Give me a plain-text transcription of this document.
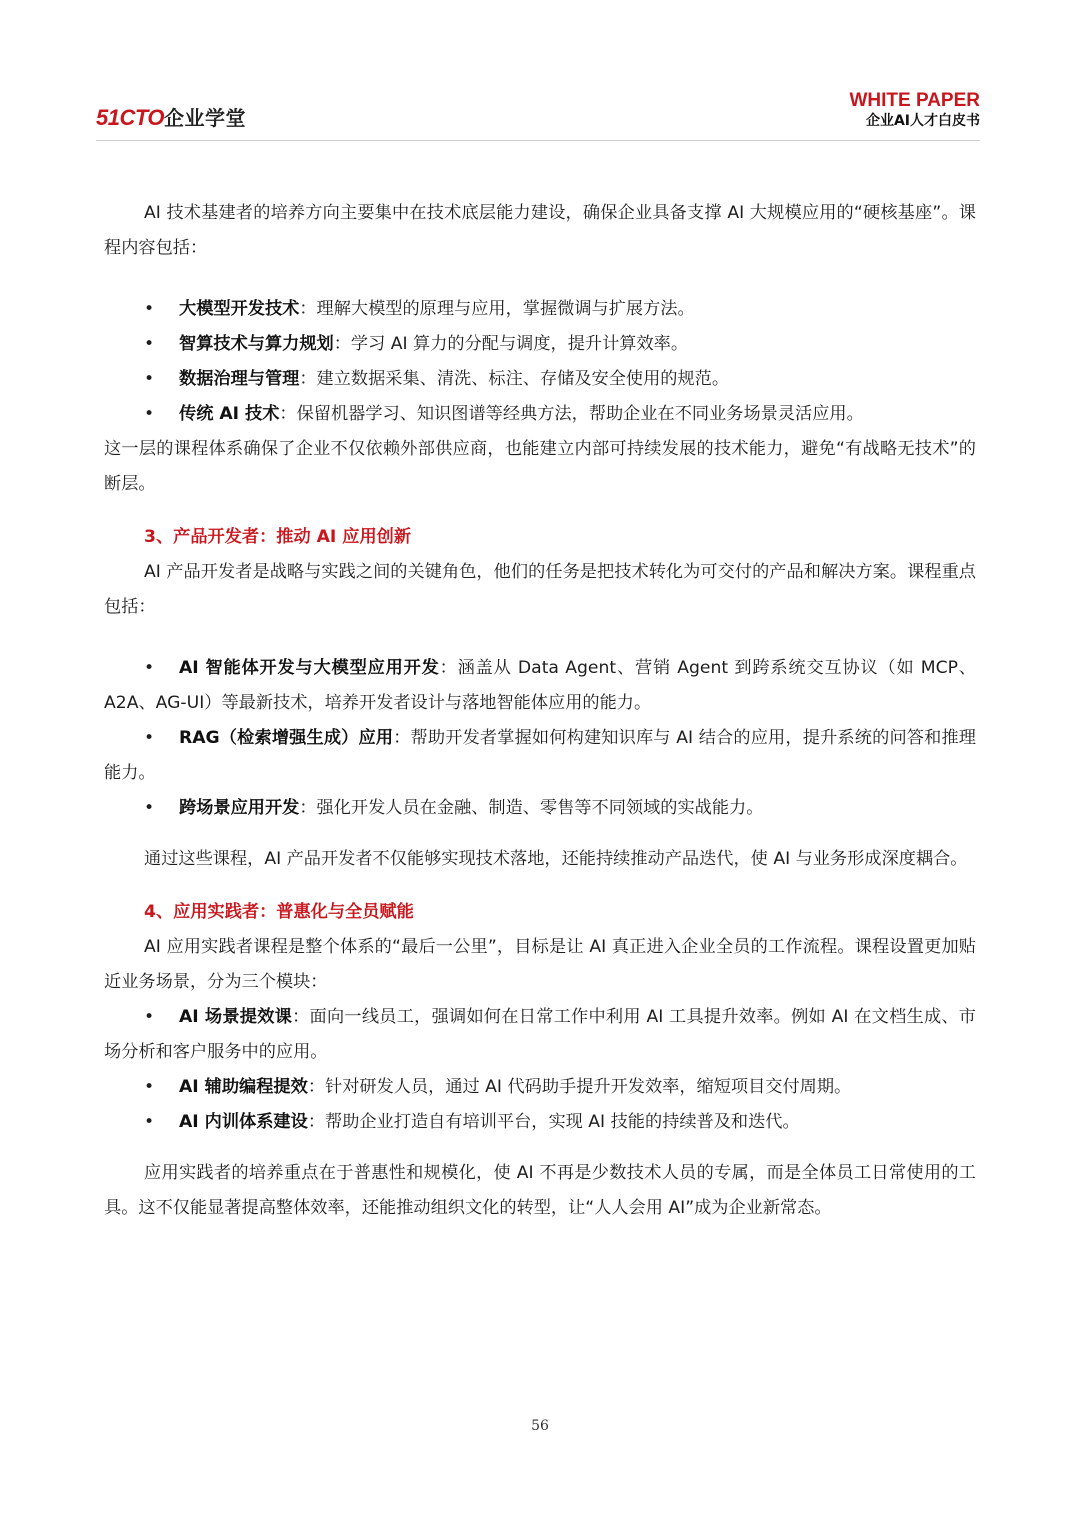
51CTO企业学堂
WHITE PAPER
企业AI人才白皮书

AI 技术基建者的培养方向主要集中在技术底层能力建设，确保企业具备支撑 AI 大规模应用的“硬核基座”。课程内容包括：

• 大模型开发技术：理解大模型的原理与应用，掌握微调与扩展方法。

• 智算技术与算力规划：学习 AI 算力的分配与调度，提升计算效率。

• 数据治理与管理：建立数据采集、清洗、标注、存储及安全使用的规范。

• 传统 AI 技术：保留机器学习、知识图谱等经典方法，帮助企业在不同业务场景灵活应用。

这一层的课程体系确保了企业不仅依赖外部供应商，也能建立内部可持续发展的技术能力，避免“有战略无技术”的断层。

3、产品开发者：推动 AI 应用创新

AI 产品开发者是战略与实践之间的关键角色，他们的任务是把技术转化为可交付的产品和解决方案。课程重点包括：

• AI 智能体开发与大模型应用开发：涵盖从 Data Agent、营销 Agent 到跨系统交互协议（如 MCP、A2A、AG-UI）等最新技术，培养开发者设计与落地智能体应用的能力。

• RAG（检索增强生成）应用：帮助开发者掌握如何构建知识库与 AI 结合的应用，提升系统的问答和推理能力。

• 跨场景应用开发：强化开发人员在金融、制造、零售等不同领域的实战能力。

通过这些课程，AI 产品开发者不仅能够实现技术落地，还能持续推动产品迭代，使 AI 与业务形成深度耦合。

4、应用实践者：普惠化与全员赋能

AI 应用实践者课程是整个体系的“最后一公里”，目标是让 AI 真正进入企业全员的工作流程。课程设置更加贴近业务场景，分为三个模块：

• AI 场景提效课：面向一线员工，强调如何在日常工作中利用 AI 工具提升效率。例如 AI 在文档生成、市场分析和客户服务中的应用。

• AI 辅助编程提效：针对研发人员，通过 AI 代码助手提升开发效率，缩短项目交付周期。

• AI 内训体系建设：帮助企业打造自有培训平台，实现 AI 技能的持续普及和迭代。

应用实践者的培养重点在于普惠性和规模化，使 AI 不再是少数技术人员的专属，而是全体员工日常使用的工具。这不仅能显著提高整体效率，还能推动组织文化的转型，让“人人会用 AI”成为企业新常态。

56
